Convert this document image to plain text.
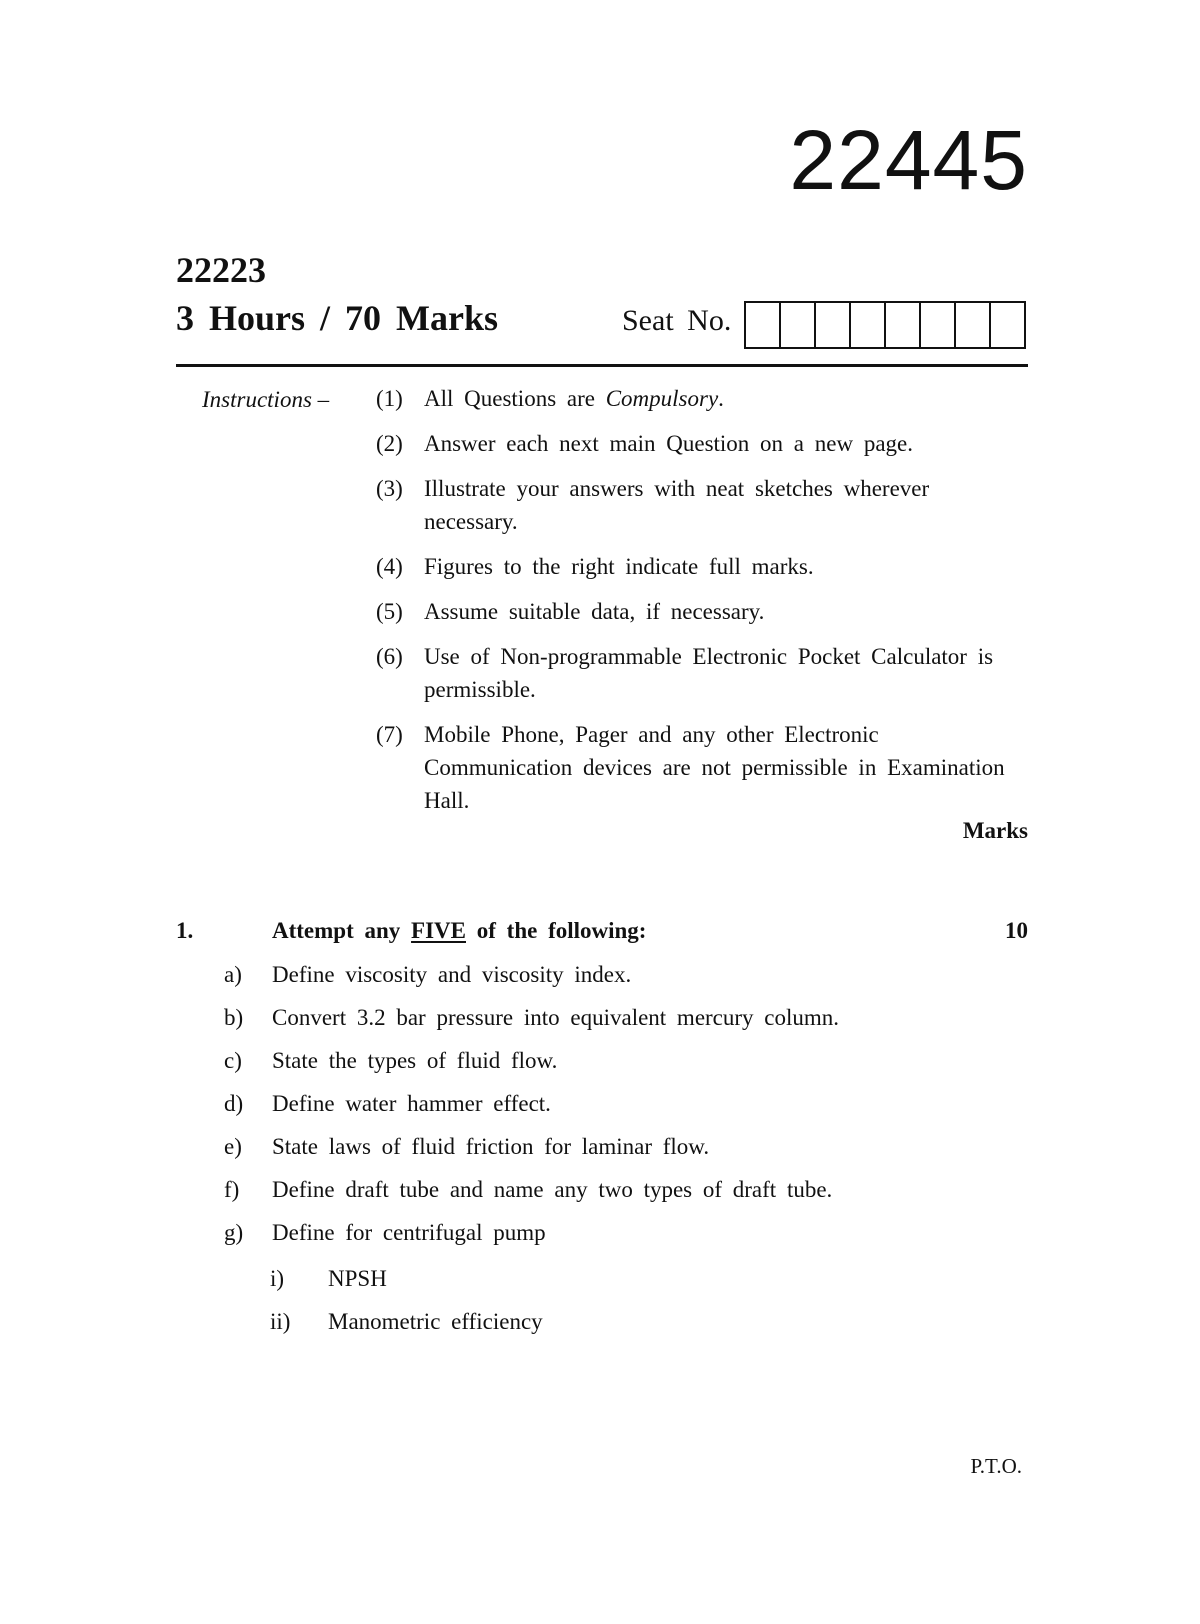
22445
22223
3 Hours / 70 Marks	Seat No.
Instructions – (1) All Questions are Compulsory.
(2) Answer each next main Question on a new page.
(3) Illustrate your answers with neat sketches wherever necessary.
(4) Figures to the right indicate full marks.
(5) Assume suitable data, if necessary.
(6) Use of Non-programmable Electronic Pocket Calculator is permissible.
(7) Mobile Phone, Pager and any other Electronic Communication devices are not permissible in Examination Hall.
Marks
1.	Attempt any FIVE of the following:	10
a)	Define viscosity and viscosity index.
b)	Convert 3.2 bar pressure into equivalent mercury column.
c)	State the types of fluid flow.
d)	Define water hammer effect.
e)	State laws of fluid friction for laminar flow.
f)	Define draft tube and name any two types of draft tube.
g)	Define for centrifugal pump
i)	NPSH
ii)	Manometric efficiency
P.T.O.
